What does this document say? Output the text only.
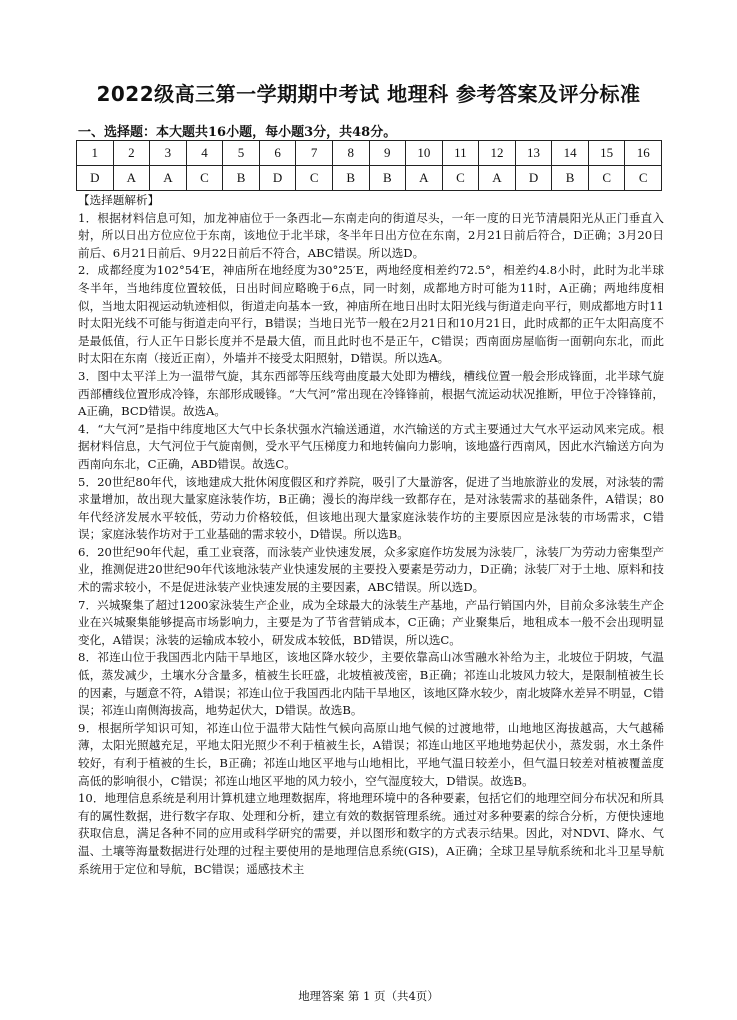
2022级高三第一学期期中考试 地理科 参考答案及评分标准
一、选择题：本大题共16小题，每小题3分，共48分。
1	2	3	4	5	6	7	8	9	10	11	12	13	14	15	16
D	A	A	C	B	D	C	B	B	A	C	A	D	B	C	C

【选择题解析】

1．根据材料信息可知，加龙神庙位于一条西北—东南走向的街道尽头，一年一度的日光节清晨阳光从正门垂直入射，所以日出方位应位于东南，该地位于北半球，冬半年日出方位在东南，2月21日前后符合，D正确；3月20日前后、6月21日前后、9月22日前后不符合，ABC错误。所以选D。

2．成都经度为102°54′E，神庙所在地经度为30°25′E，两地经度相差约72.5°，相差约4.8小时，此时为北半球冬半年，当地纬度位置较低，日出时间应略晚于6点，同一时刻，成都地方时可能为11时，A正确；两地纬度相似，当地太阳视运动轨迹相似，街道走向基本一致，神庙所在地日出时太阳光线与街道走向平行，则成都地方时11时太阳光线不可能与街道走向平行，B错误；当地日光节一般在2月21日和10月21日，此时成都的正午太阳高度不是最低值，行人正午日影长度并不是最大值，而且此时也不是正午，C错误；西南面房屋临街一面朝向东北，而此时太阳在东南（接近正南），外墙并不接受太阳照射，D错误。所以选A。

3．图中太平洋上为一温带气旋，其东西部等压线弯曲度最大处即为槽线，槽线位置一般会形成锋面，北半球气旋西部槽线位置形成冷锋，东部形成暖锋。“大气河”常出现在冷锋锋前，根据气流运动状况推断，甲位于冷锋锋前，A正确，BCD错误。故选A。

4．“大气河”是指中纬度地区大气中长条状强水汽输送通道，水汽输送的方式主要通过大气水平运动风来完成。根据材料信息，大气河位于气旋南侧，受水平气压梯度力和地转偏向力影响，该地盛行西南风，因此水汽输送方向为西南向东北，C正确，ABD错误。故选C。

5．20世纪80年代，该地建成大批休闲度假区和疗养院，吸引了大量游客，促进了当地旅游业的发展，对泳装的需求量增加，故出现大量家庭泳装作坊，B正确；漫长的海岸线一致都存在，是对泳装需求的基础条件，A错误；80年代经济发展水平较低，劳动力价格较低，但该地出现大量家庭泳装作坊的主要原因应是泳装的市场需求，C错误；家庭泳装作坊对于工业基础的需求较小，D错误。所以选B。

6．20世纪90年代起，重工业衰落，而泳装产业快速发展，众多家庭作坊发展为泳装厂，泳装厂为劳动力密集型产业，推测促进20世纪90年代该地泳装产业快速发展的主要投入要素是劳动力，D正确；泳装厂对于土地、原料和技术的需求较小，不是促进泳装产业快速发展的主要因素，ABC错误。所以选D。

7．兴城聚集了超过1200家泳装生产企业，成为全球最大的泳装生产基地，产品行销国内外，目前众多泳装生产企业在兴城聚集能够提高市场影响力，主要是为了节省营销成本，C正确；产业聚集后，地租成本一般不会出现明显变化，A错误；泳装的运输成本较小，研发成本较低，BD错误，所以选C。

8．祁连山位于我国西北内陆干旱地区，该地区降水较少，主要依靠高山冰雪融水补给为主，北坡位于阴坡，气温低，蒸发减少，土壤水分含量多，植被生长旺盛，北坡植被茂密，B正确；祁连山北坡风力较大，是限制植被生长的因素，与题意不符，A错误；祁连山位于我国西北内陆干旱地区，该地区降水较少，南北坡降水差异不明显，C错误；祁连山南侧海拔高，地势起伏大，D错误。故选B。

9．根据所学知识可知，祁连山位于温带大陆性气候向高原山地气候的过渡地带，山地地区海拔越高，大气越稀薄，太阳光照越充足，平地太阳光照少不利于植被生长，A错误；祁连山地区平地地势起伏小，蒸发弱，水土条件较好，有利于植被的生长，B正确；祁连山地区平地与山地相比，平地气温日较差小，但气温日较差对植被覆盖度高低的影响很小，C错误；祁连山地区平地的风力较小，空气湿度较大，D错误。故选B。

10．地理信息系统是利用计算机建立地理数据库，将地理环境中的各种要素，包括它们的地理空间分布状况和所具有的属性数据，进行数字存取、处理和分析，建立有效的数据管理系统。通过对多种要素的综合分析，方便快速地获取信息，满足各种不同的应用或科学研究的需要，并以图形和数字的方式表示结果。因此，对NDVI、降水、气温、土壤等海量数据进行处理的过程主要使用的是地理信息系统(GIS)，A正确；全球卫星导航系统和北斗卫星导航系统用于定位和导航，BC错误；遥感技术主

地理答案 第 1 页（共4页）
